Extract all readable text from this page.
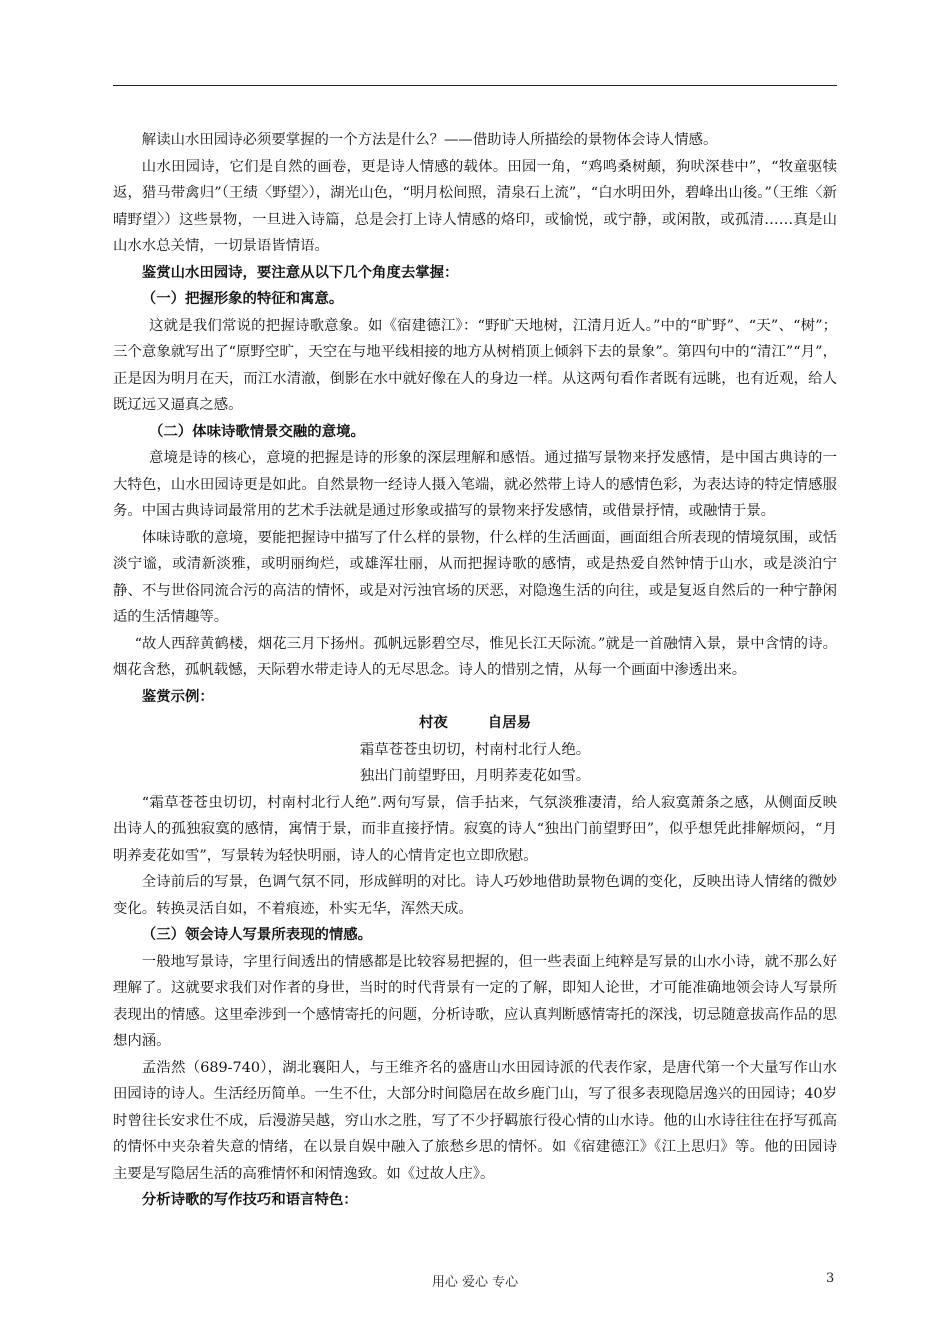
解读山水田园诗必须要掌握的一个方法是什么？——借助诗人所描绘的景物体会诗人情感。

山水田园诗，它们是自然的画卷，更是诗人情感的载体。田园一角，“鸡鸣桑树颠，狗吠深巷中”，“牧童驱犊返，猎马带禽归”（王绩〈野望〉），湖光山色，“明月松间照，清泉石上流”，“白水明田外，碧峰出山後。”（王维〈新晴野望〉）这些景物，一旦进入诗篇，总是会打上诗人情感的烙印，或愉悦，或宁静，或闲散，或孤清……真是山山水水总关情，一切景语皆情语。

鉴赏山水田园诗，要注意从以下几个角度去掌握：

（一）把握形象的特征和寓意。

这就是我们常说的把握诗歌意象。如《宿建德江》：“野旷天地树，江清月近人。”中的“旷野”、“天”、“树”；三个意象就写出了“原野空旷，天空在与地平线相接的地方从树梢顶上倾斜下去的景象”。第四句中的“清江”“月”，正是因为明月在天，而江水清澈，倒影在水中就好像在人的身边一样。从这两句看作者既有远眺，也有近观，给人既辽远又逼真之感。

（二）体味诗歌情景交融的意境。

意境是诗的核心，意境的把握是诗的形象的深层理解和感悟。通过描写景物来抒发感情，是中国古典诗的一大特色，山水田园诗更是如此。自然景物一经诗人摄入笔端，就必然带上诗人的感情色彩，为表达诗的特定情感服务。中国古典诗词最常用的艺术手法就是通过形象或描写的景物来抒发感情，或借景抒情，或融情于景。

体味诗歌的意境，要能把握诗中描写了什么样的景物，什么样的生活画面，画面组合所表现的情境氛围，或恬淡宁谧，或清新淡雅，或明丽绚烂，或雄浑壮丽，从而把握诗歌的感情，或是热爱自然钟情于山水，或是淡泊宁静、不与世俗同流合污的高洁的情怀，或是对污浊官场的厌恶，对隐逸生活的向往，或是复返自然后的一种宁静闲适的生活情趣等。

“故人西辞黄鹤楼，烟花三月下扬州。孤帆远影碧空尽，惟见长江天际流。”就是一首融情入景，景中含情的诗。烟花含愁，孤帆载憾，天际碧水带走诗人的无尽思念。诗人的惜别之情，从每一个画面中渗透出来。

鉴赏示例：

村夜	自居易

霜草苍苍虫切切，村南村北行人绝。

独出门前望野田，月明荞麦花如雪。

“霜草苍苍虫切切，村南村北行人绝”.两句写景，信手拈来，气氛淡雅凄清，给人寂寞萧条之感，从侧面反映出诗人的孤独寂寞的感情，寓情于景，而非直接抒情。寂寞的诗人“独出门前望野田”，似乎想凭此排解烦闷，“月明养麦花如雪”，写景转为轻快明丽，诗人的心情肯定也立即欣慰。

全诗前后的写景，色调气氛不同，形成鲜明的对比。诗人巧妙地借助景物色调的变化，反映出诗人情绪的微妙变化。转换灵活自如，不着痕迹，朴实无华，浑然天成。

（三）领会诗人写景所表现的情感。

一般地写景诗，字里行间透出的情感都是比较容易把握的，但一些表面上纯粹是写景的山水小诗，就不那么好理解了。这就要求我们对作者的身世，当时的时代背景有一定的了解，即知人论世，才可能准确地领会诗人写景所表现出的情感。这里牵涉到一个感情寄托的问题，分析诗歌，应认真判断感情寄托的深浅，切忌随意拔高作品的思想内涵。

孟浩然（689-740），湖北襄阳人，与王维齐名的盛唐山水田园诗派的代表作家，是唐代第一个大量写作山水田园诗的诗人。生活经历简单。一生不仕，大部分时间隐居在故乡鹿门山，写了很多表现隐居逸兴的田园诗；40岁时曾往长安求仕不成，后漫游吴越，穷山水之胜，写了不少抒羁旅行役心情的山水诗。他的山水诗往往在抒写孤高的情怀中夹杂着失意的情绪，在以景自娱中融入了旅愁乡思的情怀。如《宿建德江》《江上思归》等。他的田园诗主要是写隐居生活的高雅情怀和闲情逸致。如《过故人庄》。

分析诗歌的写作技巧和语言特色：

用心 爱心 专心	3
